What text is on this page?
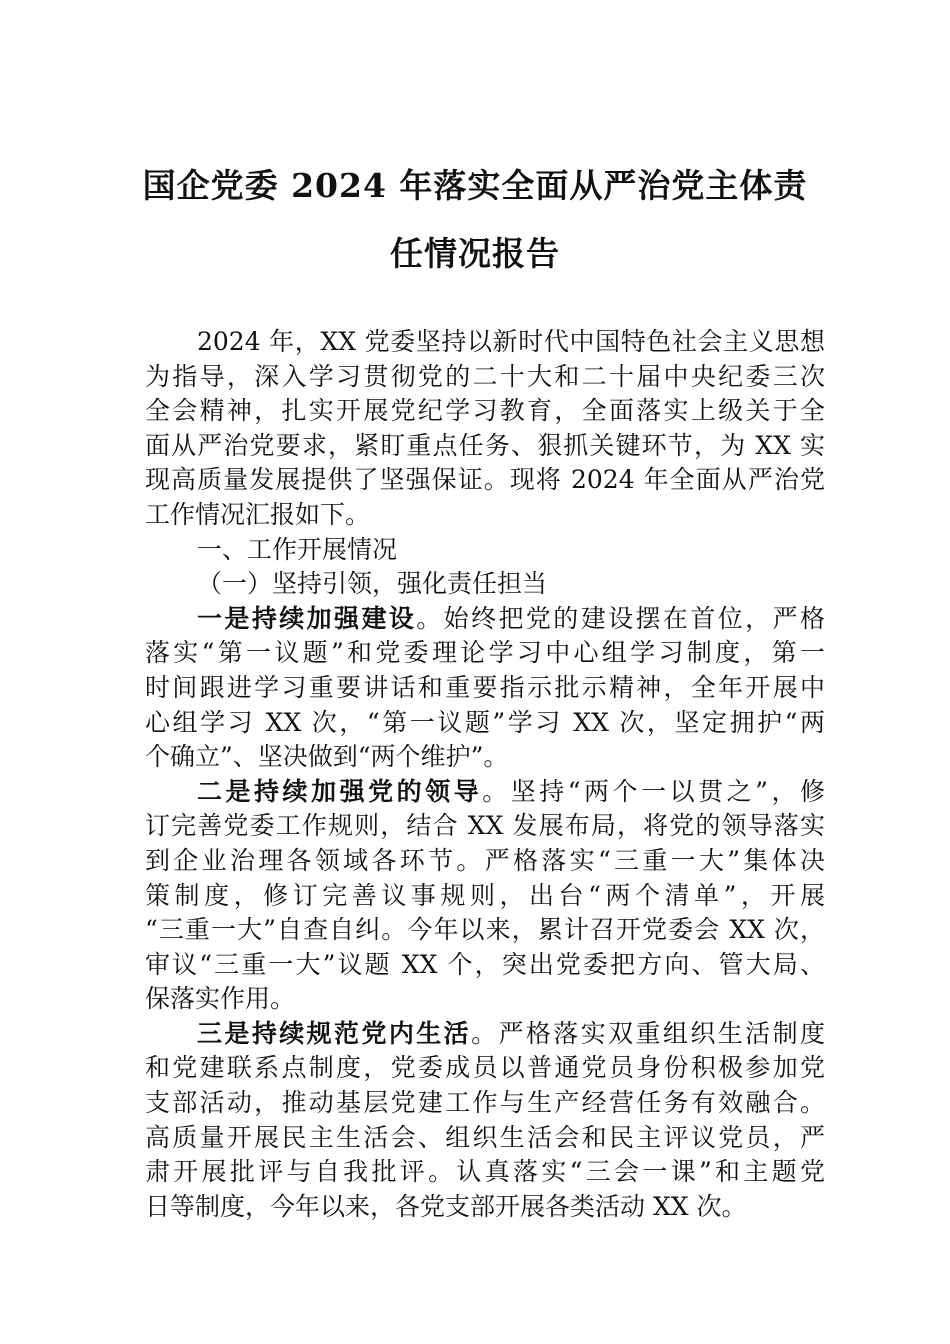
国企党委 2024 年落实全面从严治党主体责
任情况报告
2024 年，XX 党委坚持以新时代中国特色社会主义思想
为指导，深入学习贯彻党的二十大和二十届中央纪委三次
全会精神，扎实开展党纪学习教育，全面落实上级关于全
面从严治党要求，紧盯重点任务、狠抓关键环节，为 XX 实
现高质量发展提供了坚强保证。现将 2024 年全面从严治党
工作情况汇报如下。
一、工作开展情况
（一）坚持引领，强化责任担当
一是持续加强建设。始终把党的建设摆在首位，严格
落实“第一议题”和党委理论学习中心组学习制度，第一
时间跟进学习重要讲话和重要指示批示精神，全年开展中
心组学习 XX 次，“第一议题”学习 XX 次，坚定拥护“两
个确立”、坚决做到“两个维护”。
二是持续加强党的领导。坚持“两个一以贯之”，修
订完善党委工作规则，结合 XX 发展布局，将党的领导落实
到企业治理各领域各环节。严格落实“三重一大”集体决
策制度，修订完善议事规则，出台“两个清单”，开展
“三重一大”自查自纠。今年以来，累计召开党委会 XX 次，
审议“三重一大”议题 XX 个，突出党委把方向、管大局、
保落实作用。
三是持续规范党内生活。严格落实双重组织生活制度
和党建联系点制度，党委成员以普通党员身份积极参加党
支部活动，推动基层党建工作与生产经营任务有效融合。
高质量开展民主生活会、组织生活会和民主评议党员，严
肃开展批评与自我批评。认真落实“三会一课”和主题党
日等制度，今年以来，各党支部开展各类活动 XX 次。
